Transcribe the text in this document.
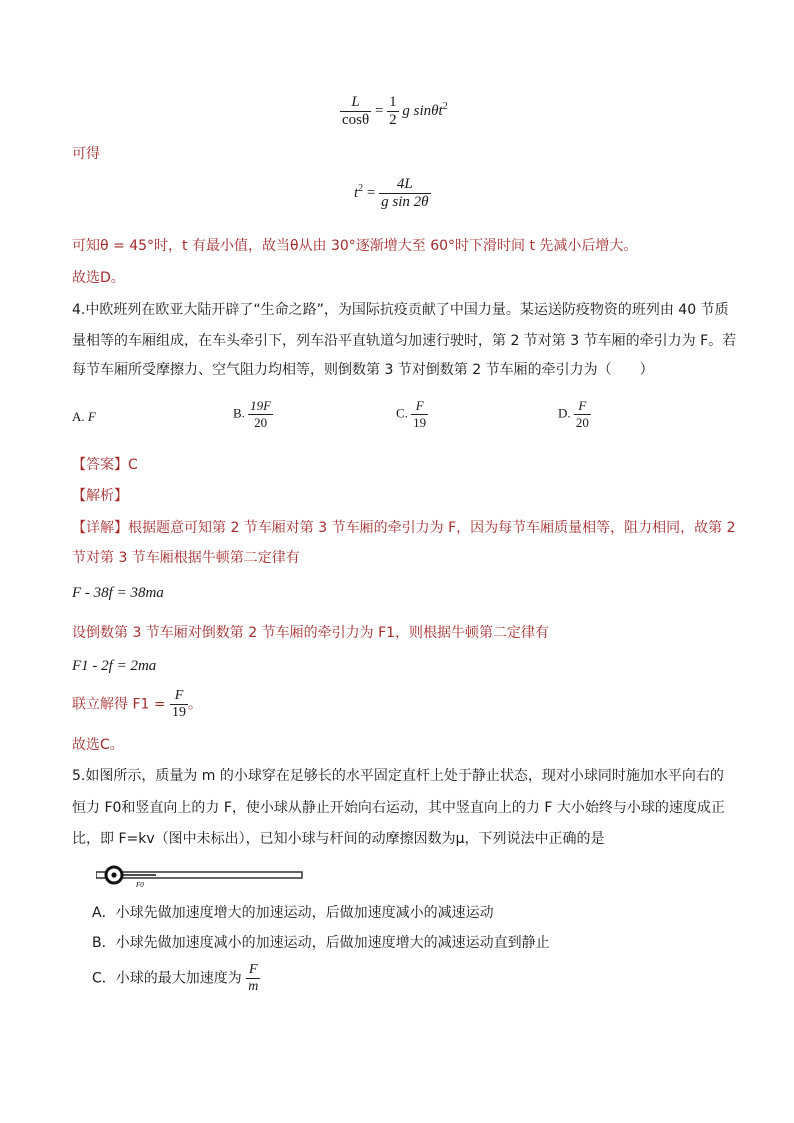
$\frac{L}{\cos\theta} = \frac{1}{2}$ g sinθt$^2$
可得
$t^2 = \frac{4L}{\text{g sin 2θ}}$
可知θ = 45°时，t 有最小值，故当θ从由 30°逐渐增大至 60°时下滑时间 t 先减小后增大。
故选D。
4.中欧班列在欧亚大陆开辟了“生命之路”，为国际抗疫贡献了中国力量。某运送防疫物资的班列由 40 节质
量相等的车厢组成，在车头牵引下，列车沿平直轨道匀加速行驶时，第 2 节对第 3 节车厢的牵引力为 F。若
每节车厢所受摩擦力、空气阻力均相等，则倒数第 3 节对倒数第 2 节车厢的牵引力为（　　）
A. F	B. $\frac{19F}{20}$	C. $\frac{F}{19}$	D. $\frac{F}{20}$
【答案】C
【解析】
【详解】根据题意可知第 2 节车厢对第 3 节车厢的牵引力为 F，因为每节车厢质量相等，阻力相同，故第 2
节对第 3 节车厢根据牛顿第二定律有
F - 38f = 38ma
设倒数第 3 节车厢对倒数第 2 节车厢的牵引力为 F1，则根据牛顿第二定律有
F1 - 2f = 2ma
联立解得 $F1 = \frac{F}{19}$ 。
故选C。
5.如图所示，质量为 m 的小球穿在足够长的水平固定直杆上处于静止状态，现对小球同时施加水平向右的
恒力 F0和竖直向上的力 F，使小球从静止开始向右运动，其中竖直向上的力 F 大小始终与小球的速度成正
比，即 F=kv（图中未标出），已知小球与杆间的动摩擦因数为μ，下列说法中正确的是
F0
A．小球先做加速度增大的加速运动，后做加速度减小的减速运动
B．小球先做加速度减小的加速运动，后做加速度增大的减速运动直到静止
C．小球的最大加速度为 $\frac{F}{m}$
